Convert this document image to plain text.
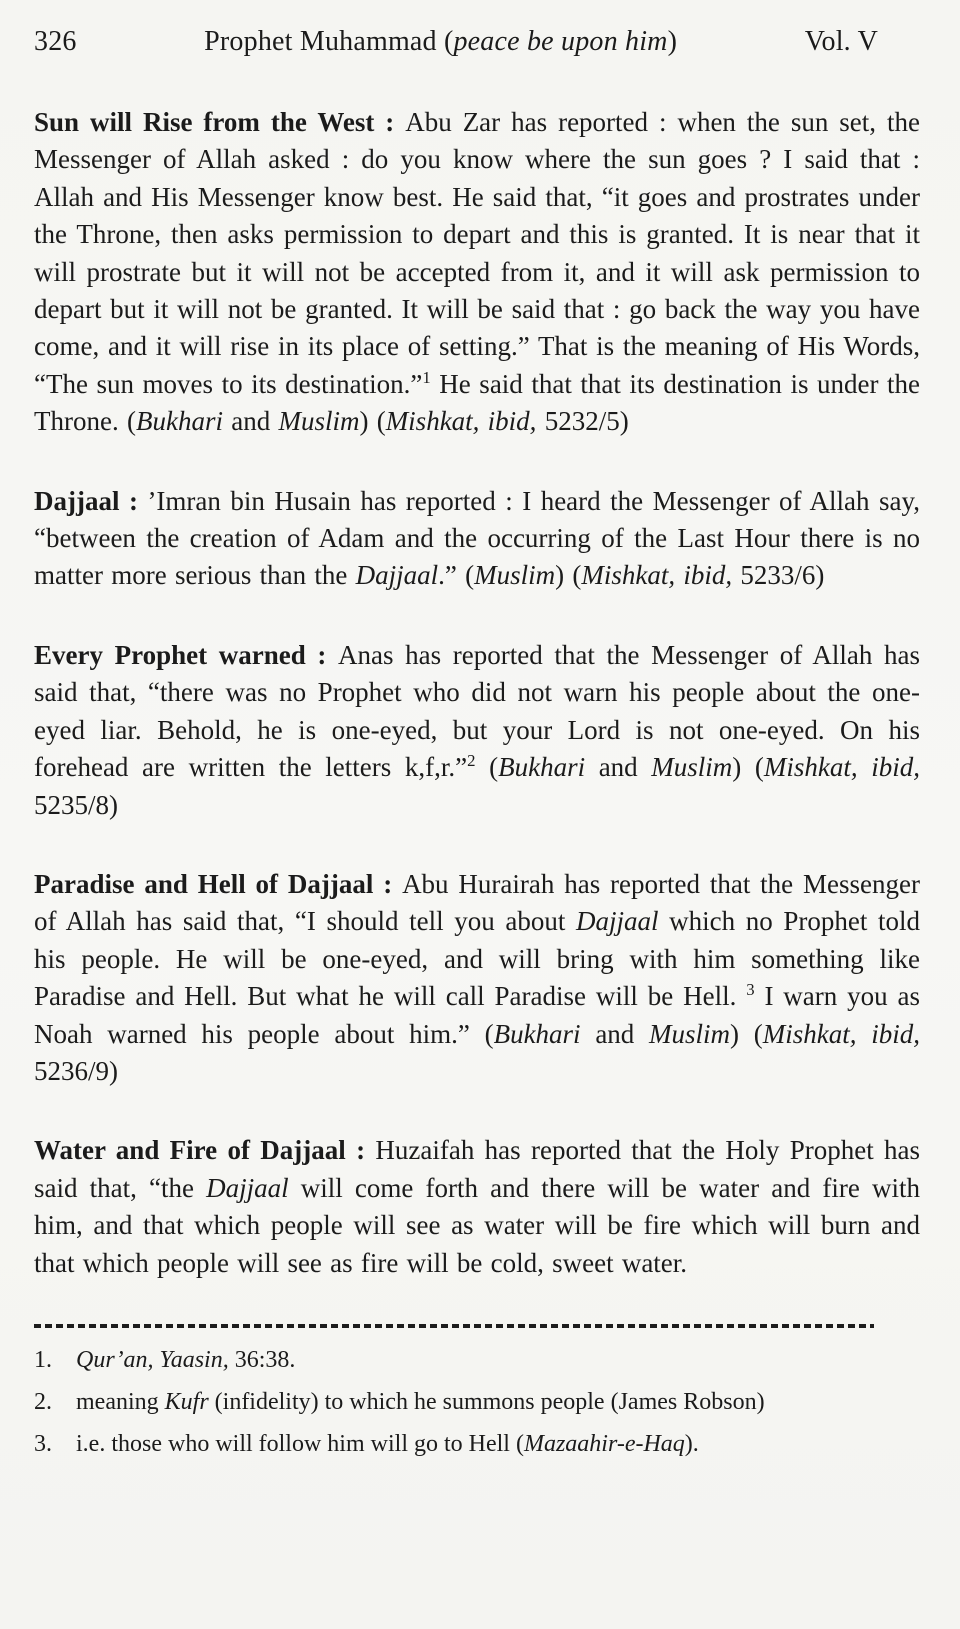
326	Prophet Muhammad (peace be upon him)	Vol. V

Sun will Rise from the West : Abu Zar has reported : when the sun set, the Messenger of Allah asked : do you know where the sun goes ? I said that : Allah and His Messenger know best. He said that, “it goes and prostrates under the Throne, then asks permission to depart and this is granted. It is near that it will prostrate but it will not be accepted from it, and it will ask permission to depart but it will not be granted. It will be said that : go back the way you have come, and it will rise in its place of setting.” That is the meaning of His Words, “The sun moves to its destination.”$^1$ He said that that its destination is under the Throne. (Bukhari and Muslim) (Mishkat, ibid, 5232/5)

Dajjaal : ’Imran bin Husain has reported : I heard the Messenger of Allah say, “between the creation of Adam and the occurring of the Last Hour there is no matter more serious than the Dajjaal.” (Muslim) (Mishkat, ibid, 5233/6)

Every Prophet warned : Anas has reported that the Messenger of Allah has said that, “there was no Prophet who did not warn his people about the one-eyed liar. Behold, he is one-eyed, but your Lord is not one-eyed. On his forehead are written the letters k,f,r.”$^2$ (Bukhari and Muslim) (Mishkat, ibid, 5235/8)

Paradise and Hell of Dajjaal : Abu Hurairah has reported that the Messenger of Allah has said that, “I should tell you about Dajjaal which no Prophet told his people. He will be one-eyed, and will bring with him something like Paradise and Hell. But what he will call Paradise will be Hell. $^3$ I warn you as Noah warned his people about him.” (Bukhari and Muslim) (Mishkat, ibid, 5236/9)

Water and Fire of Dajjaal : Huzaifah has reported that the Holy Prophet has said that, “the Dajjaal will come forth and there will be water and fire with him, and that which people will see as water will be fire which will burn and that which people will see as fire will be cold, sweet water.

1.	Qur’an, Yaasin, 36:38.
2.	meaning Kufr (infidelity) to which he summons people (James Robson)
3.	i.e. those who will follow him will go to Hell (Mazaahir-e-Haq).
